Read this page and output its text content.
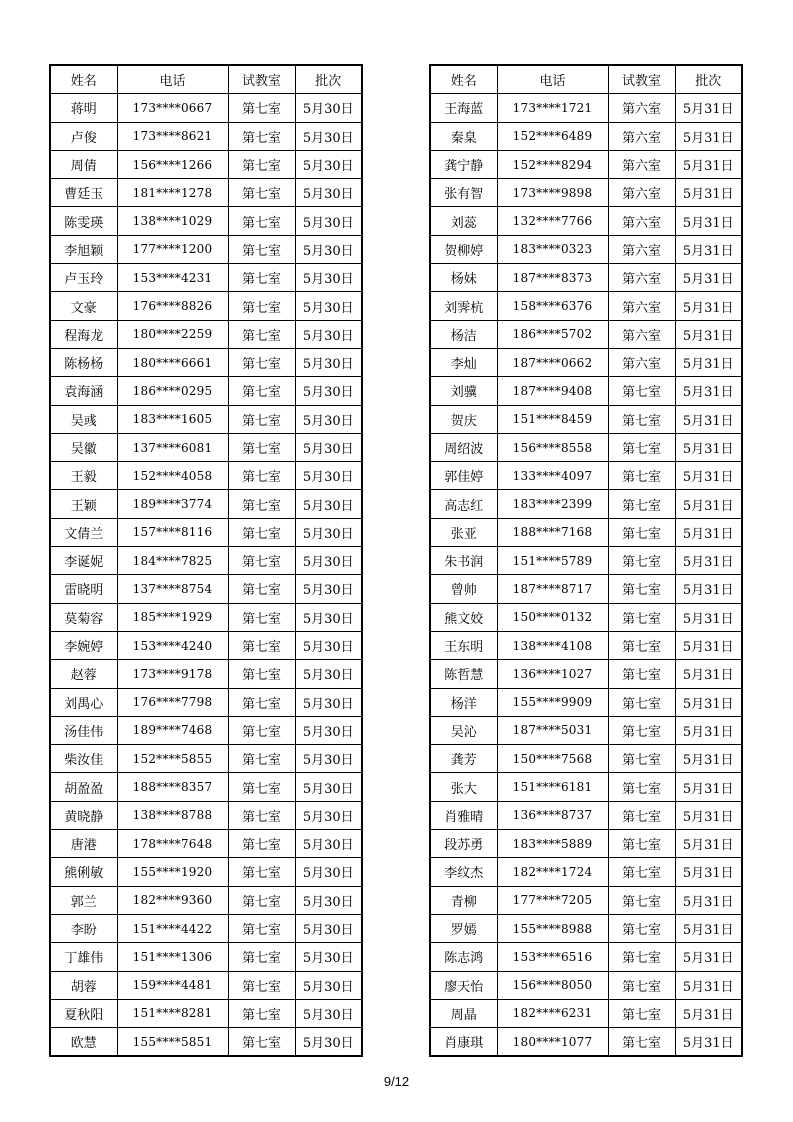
姓名	电话	试教室	批次
蒋明	173****0667	第七室	5月30日
卢俊	173****8621	第七室	5月30日
周倩	156****1266	第七室	5月30日
曹廷玉	181****1278	第七室	5月30日
陈雯瑛	138****1029	第七室	5月30日
李旭颖	177****1200	第七室	5月30日
卢玉玲	153****4231	第七室	5月30日
文豪	176****8826	第七室	5月30日
程海龙	180****2259	第七室	5月30日
陈杨杨	180****6661	第七室	5月30日
袁海涵	186****0295	第七室	5月30日
吴彧	183****1605	第七室	5月30日
吴徽	137****6081	第七室	5月30日
王毅	152****4058	第七室	5月30日
王颖	189****3774	第七室	5月30日
文倩兰	157****8116	第七室	5月30日
李诞妮	184****7825	第七室	5月30日
雷晓明	137****8754	第七室	5月30日
莫菊容	185****1929	第七室	5月30日
李婉婷	153****4240	第七室	5月30日
赵蓉	173****9178	第七室	5月30日
刘禺心	176****7798	第七室	5月30日
汤佳伟	189****7468	第七室	5月30日
柴汝佳	152****5855	第七室	5月30日
胡盈盈	188****8357	第七室	5月30日
黄晓静	138****8788	第七室	5月30日
唐港	178****7648	第七室	5月30日
熊俐敏	155****1920	第七室	5月30日
郭兰	182****9360	第七室	5月30日
李盼	151****4422	第七室	5月30日
丁雄伟	151****1306	第七室	5月30日
胡蓉	159****4481	第七室	5月30日
夏秋阳	151****8281	第七室	5月30日
欧慧	155****5851	第七室	5月30日
姓名	电话	试教室	批次
王海蓝	173****1721	第六室	5月31日
秦臬	152****6489	第六室	5月31日
龚宁静	152****8294	第六室	5月31日
张有智	173****9898	第六室	5月31日
刘蕊	132****7766	第六室	5月31日
贺柳婷	183****0323	第六室	5月31日
杨妹	187****8373	第六室	5月31日
刘霁杭	158****6376	第六室	5月31日
杨洁	186****5702	第六室	5月31日
李灿	187****0662	第六室	5月31日
刘骥	187****9408	第七室	5月31日
贺庆	151****8459	第七室	5月31日
周绍波	156****8558	第七室	5月31日
郭佳婷	133****4097	第七室	5月31日
高志红	183****2399	第七室	5月31日
张亚	188****7168	第七室	5月31日
朱书润	151****5789	第七室	5月31日
曾帅	187****8717	第七室	5月31日
熊文姣	150****0132	第七室	5月31日
王东明	138****4108	第七室	5月31日
陈哲慧	136****1027	第七室	5月31日
杨洋	155****9909	第七室	5月31日
吴沁	187****5031	第七室	5月31日
龚芳	150****7568	第七室	5月31日
张大	151****6181	第七室	5月31日
肖雅晴	136****8737	第七室	5月31日
段苏勇	183****5889	第七室	5月31日
李纹杰	182****1724	第七室	5月31日
青柳	177****7205	第七室	5月31日
罗嫣	155****8988	第七室	5月31日
陈志鸿	153****6516	第七室	5月31日
廖天怡	156****8050	第七室	5月31日
周晶	182****6231	第七室	5月31日
肖康琪	180****1077	第七室	5月31日
9/12
